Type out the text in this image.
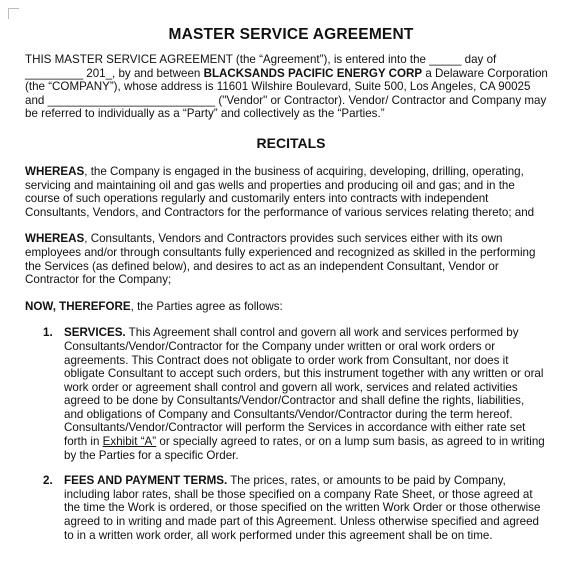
MASTER SERVICE AGREEMENT
THIS MASTER SERVICE AGREEMENT (the “Agreement”), is entered into the _____ day of
_________ 201_, by and between BLACKSANDS PACIFIC ENERGY CORP a Delaware Corporation
(the “COMPANY”), whose address is 11601 Wilshire Boulevard, Suite 500, Los Angeles, CA 90025
and __________________________ ("Vendor" or Contractor). Vendor/ Contractor and Company may
be referred to individually as a “Party” and collectively as the “Parties.”
RECITALS
WHEREAS, the Company is engaged in the business of acquiring, developing, drilling, operating,
servicing and maintaining oil and gas wells and properties and producing oil and gas; and in the
course of such operations regularly and customarily enters into contracts with independent
Consultants, Vendors, and Contractors for the performance of various services relating thereto; and
WHEREAS, Consultants, Vendors and Contractors provides such services either with its own
employees and/or through consultants fully experienced and recognized as skilled in the performing
the Services (as defined below), and desires to act as an independent Consultant, Vendor or
Contractor for the Company;
NOW, THEREFORE, the Parties agree as follows:
1. SERVICES. This Agreement shall control and govern all work and services performed by
Consultants/Vendor/Contractor for the Company under written or oral work orders or
agreements. This Contract does not obligate to order work from Consultant, nor does it
obligate Consultant to accept such orders, but this instrument together with any written or oral
work order or agreement shall control and govern all work, services and related activities
agreed to be done by Consultants/Vendor/Contractor and shall define the rights, liabilities,
and obligations of Company and Consultants/Vendor/Contractor during the term hereof.
Consultants/Vendor/Contractor will perform the Services in accordance with either rate set
forth in Exhibit “A” or specially agreed to rates, or on a lump sum basis, as agreed to in writing
by the Parties for a specific Order.
2. FEES AND PAYMENT TERMS. The prices, rates, or amounts to be paid by Company,
including labor rates, shall be those specified on a company Rate Sheet, or those agreed at
the time the Work is ordered, or those specified on the written Work Order or those otherwise
agreed to in writing and made part of this Agreement. Unless otherwise specified and agreed
to in a written work order, all work performed under this agreement shall be on time.
